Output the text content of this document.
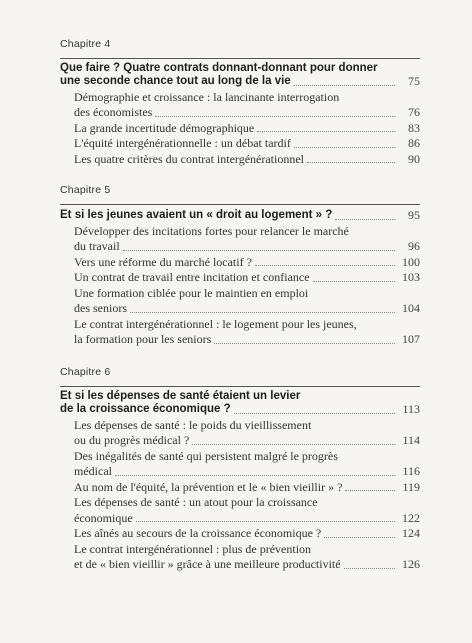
Chapitre 4
Que faire ? Quatre contrats donnant-donnant pour donner
une seconde chance tout au long de la vie	75
Démographie et croissance : la lancinante interrogation
des économistes	76
La grande incertitude démographique	83
L'équité intergénérationnelle : un débat tardif	86
Les quatre critères du contrat intergénérationnel	90
Chapitre 5
Et si les jeunes avaient un « droit au logement » ?	95
Développer des incitations fortes pour relancer le marché
du travail	96
Vers une réforme du marché locatif ?	100
Un contrat de travail entre incitation et confiance	103
Une formation ciblée pour le maintien en emploi
des seniors	104
Le contrat intergénérationnel : le logement pour les jeunes,
la formation pour les seniors	107
Chapitre 6
Et si les dépenses de santé étaient un levier
de la croissance économique ?	113
Les dépenses de santé : le poids du vieillissement
ou du progrès médical ?	114
Des inégalités de santé qui persistent malgré le progrès
médical	116
Au nom de l'équité, la prévention et le « bien vieillir » ?	119
Les dépenses de santé : un atout pour la croissance
économique	122
Les aînés au secours de la croissance économique ?	124
Le contrat intergénérationnel : plus de prévention
et de « bien vieillir » grâce à une meilleure productivité	126
